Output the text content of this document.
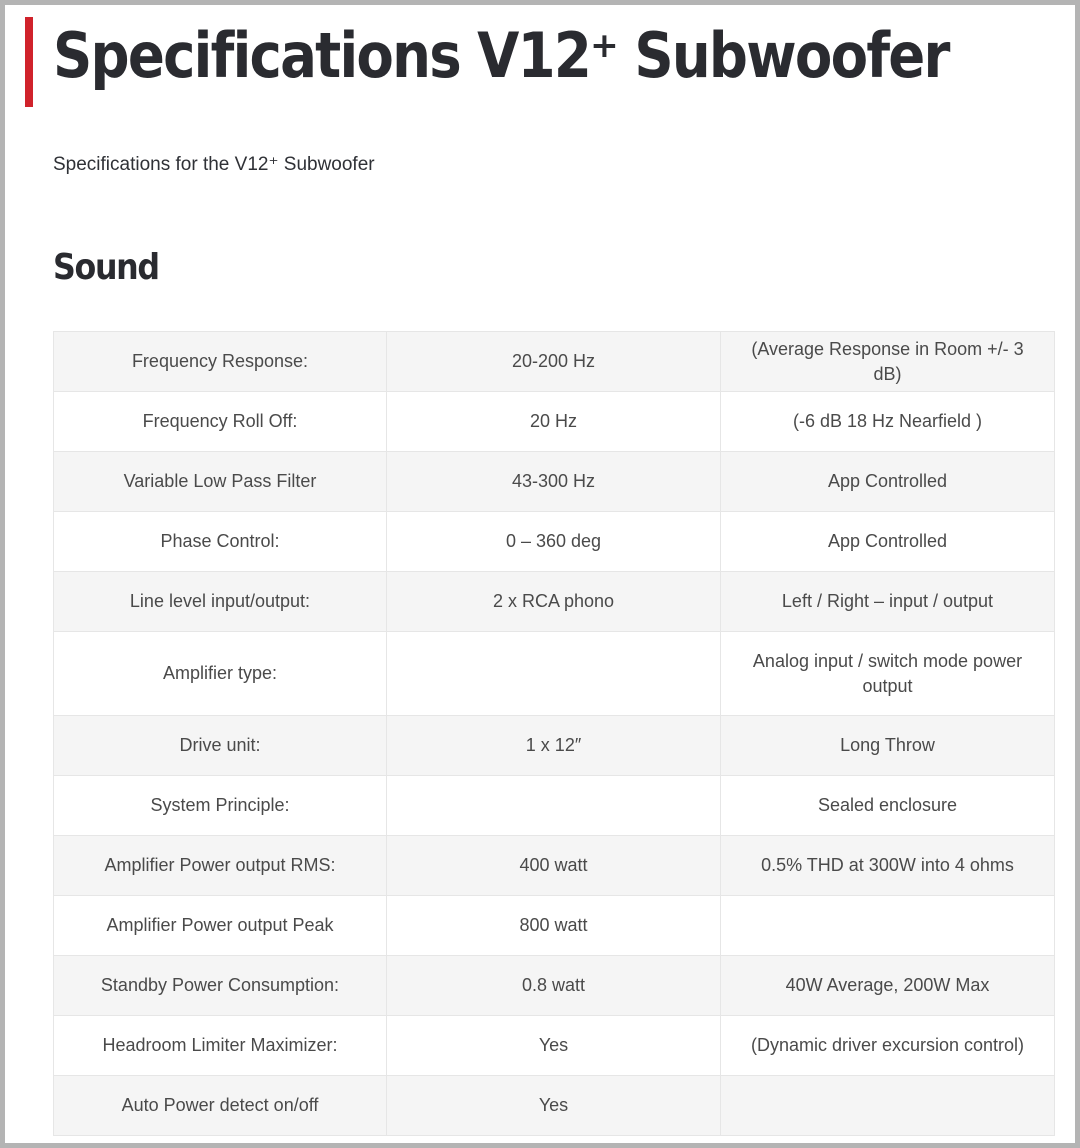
Specifications V12⁺ Subwoofer

Specifications for the V12⁺ Subwoofer

Sound
Frequency Response:	20-200 Hz	(Average Response in Room +/- 3 dB)
Frequency Roll Off:	20 Hz	(-6 dB 18 Hz Nearfield )
Variable Low Pass Filter	43-300 Hz	App Controlled
Phase Control:	0 – 360 deg	App Controlled
Line level input/output:	2 x RCA phono	Left / Right – input / output
Amplifier type:		Analog input / switch mode power output
Drive unit:	1 x 12″	Long Throw
System Principle:		Sealed enclosure
Amplifier Power output RMS:	400 watt	0.5% THD at 300W into 4 ohms
Amplifier Power output Peak	800 watt	
Standby Power Consumption:	0.8 watt	40W Average, 200W Max
Headroom Limiter Maximizer:	Yes	(Dynamic driver excursion control)
Auto Power detect on/off	Yes	
